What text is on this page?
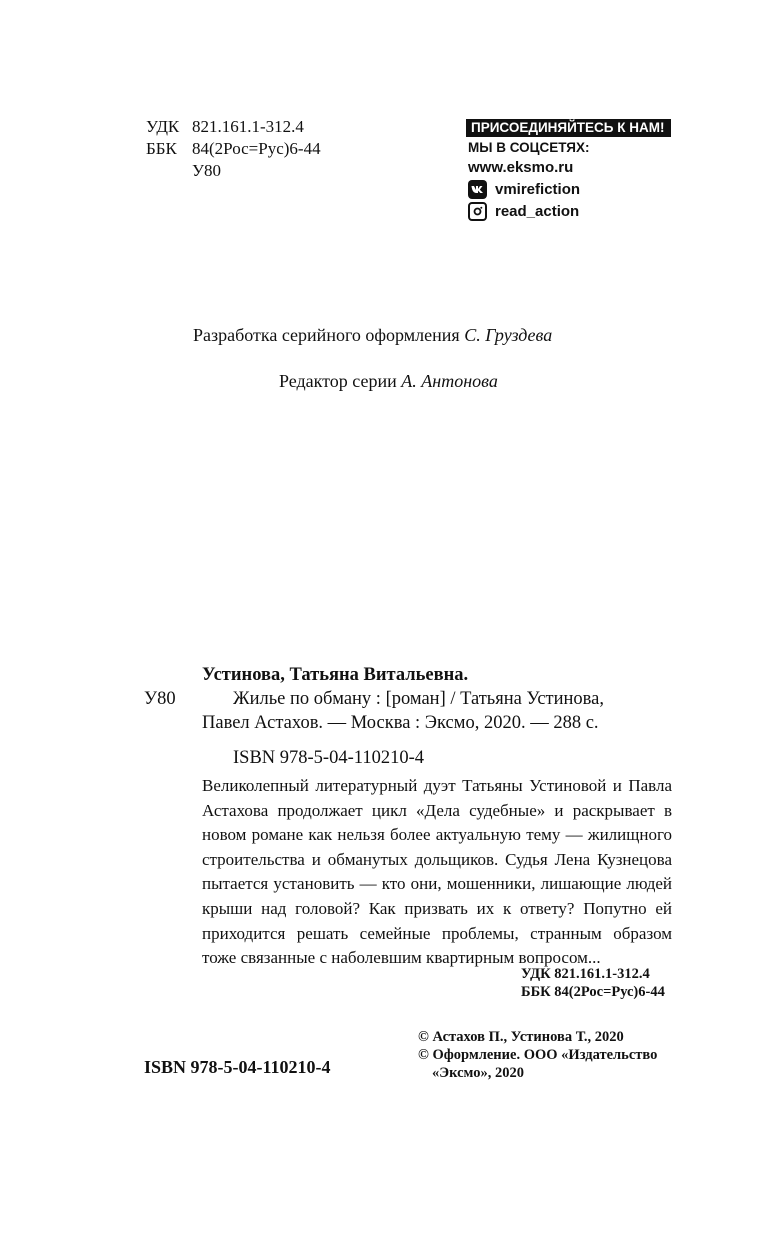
УДК 821.161.1-312.4
ББК 84(2Рос=Рус)6-44
У80
ПРИСОЕДИНЯЙТЕСЬ К НАМ!
МЫ В СОЦСЕТЯХ:
www.eksmo.ru
vmirefiction
read_action
Разработка серийного оформления С. Груздева
Редактор серии А. Антонова
Устинова, Татьяна Витальевна.
У80	Жилье по обману : [роман] / Татьяна Устинова,
Павел Астахов. — Москва : Эксмо, 2020. — 288 с.
ISBN 978-5-04-110210-4
Великолепный литературный дуэт Татьяны Устиновой и Павла Астахова продолжает цикл «Дела судебные» и раскрывает в новом романе как нельзя более актуальную тему — жилищного строительства и обманутых дольщиков. Судья Лена Кузнецова пытается установить — кто они, мошенники, лишающие людей крыши над головой? Как призвать их к ответу? Попутно ей приходится решать семейные проблемы, странным образом тоже связанные с наболевшим квартирным вопросом...
УДК 821.161.1-312.4
ББК 84(2Рос=Рус)6-44
ISBN 978-5-04-110210-4
© Астахов П., Устинова Т., 2020
© Оформление. ООО «Издательство
«Эксмо», 2020
